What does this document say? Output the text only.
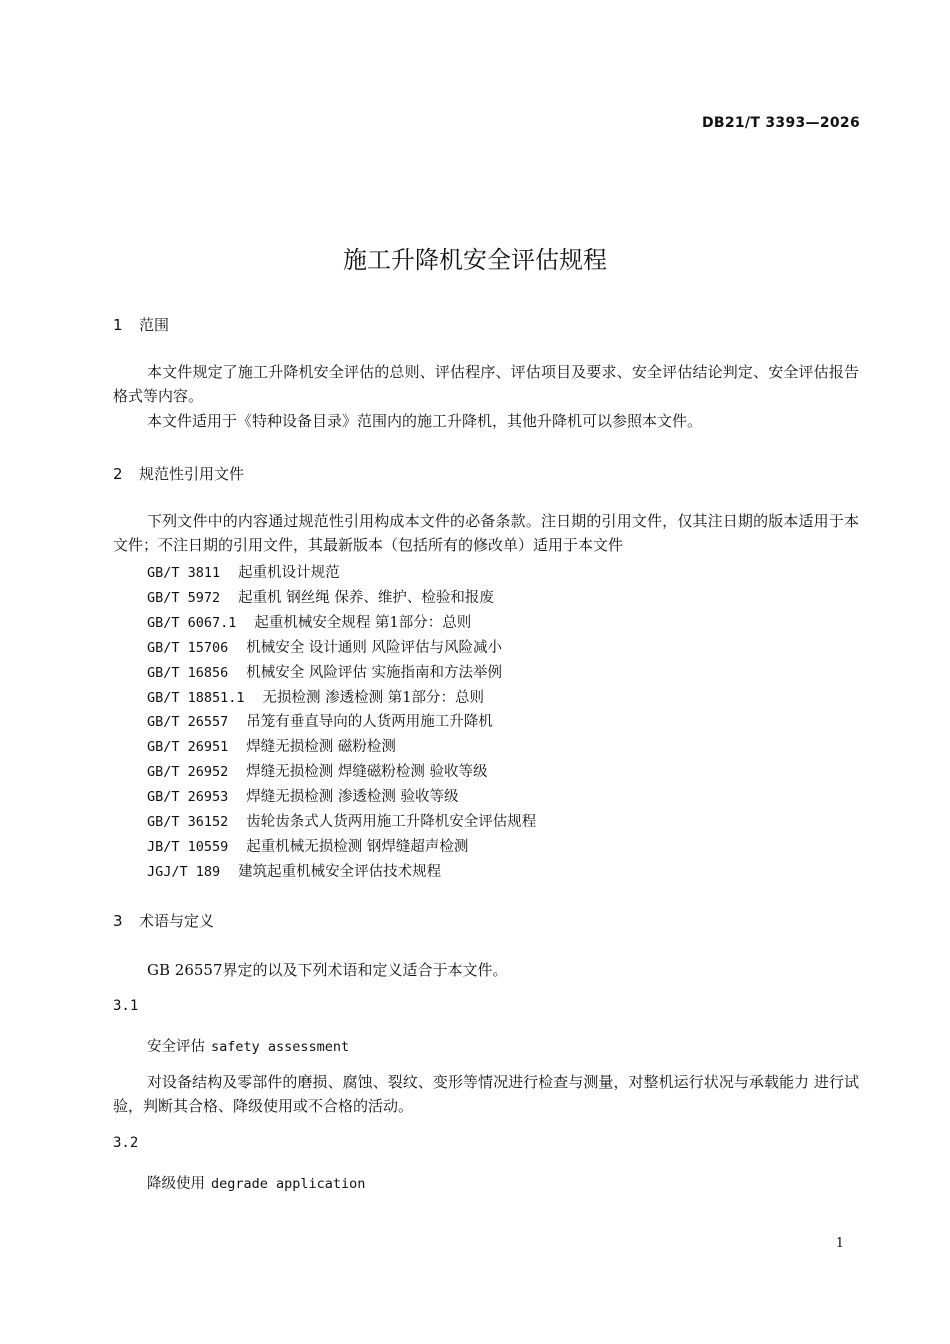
DB21/T 3393—2026
施工升降机安全评估规程
1 范围
本文件规定了施工升降机安全评估的总则、评估程序、评估项目及要求、安全评估结论判定、安全评估报告格式等内容。
本文件适用于《特种设备目录》范围内的施工升降机，其他升降机可以参照本文件。
2 规范性引用文件
下列文件中的内容通过规范性引用构成本文件的必备条款。注日期的引用文件，仅其注日期的版本适用于本文件；不注日期的引用文件，其最新版本（包括所有的修改单）适用于本文件
GB/T 3811 起重机设计规范
GB/T 5972 起重机 钢丝绳 保养、维护、检验和报废
GB/T 6067.1 起重机械安全规程 第1部分：总则
GB/T 15706 机械安全 设计通则 风险评估与风险减小
GB/T 16856 机械安全 风险评估 实施指南和方法举例
GB/T 18851.1 无损检测 渗透检测 第1部分：总则
GB/T 26557 吊笼有垂直导向的人货两用施工升降机
GB/T 26951 焊缝无损检测 磁粉检测
GB/T 26952 焊缝无损检测 焊缝磁粉检测 验收等级
GB/T 26953 焊缝无损检测 渗透检测 验收等级
GB/T 36152 齿轮齿条式人货两用施工升降机安全评估规程
JB/T 10559 起重机械无损检测 钢焊缝超声检测
JGJ/T 189 建筑起重机械安全评估技术规程
3 术语与定义
GB 26557界定的以及下列术语和定义适合于本文件。
3.1
安全评估 safety assessment
对设备结构及零部件的磨损、腐蚀、裂纹、变形等情况进行检查与测量，对整机运行状况与承载能力 进行试验，判断其合格、降级使用或不合格的活动。
3.2
降级使用 degrade application
1
